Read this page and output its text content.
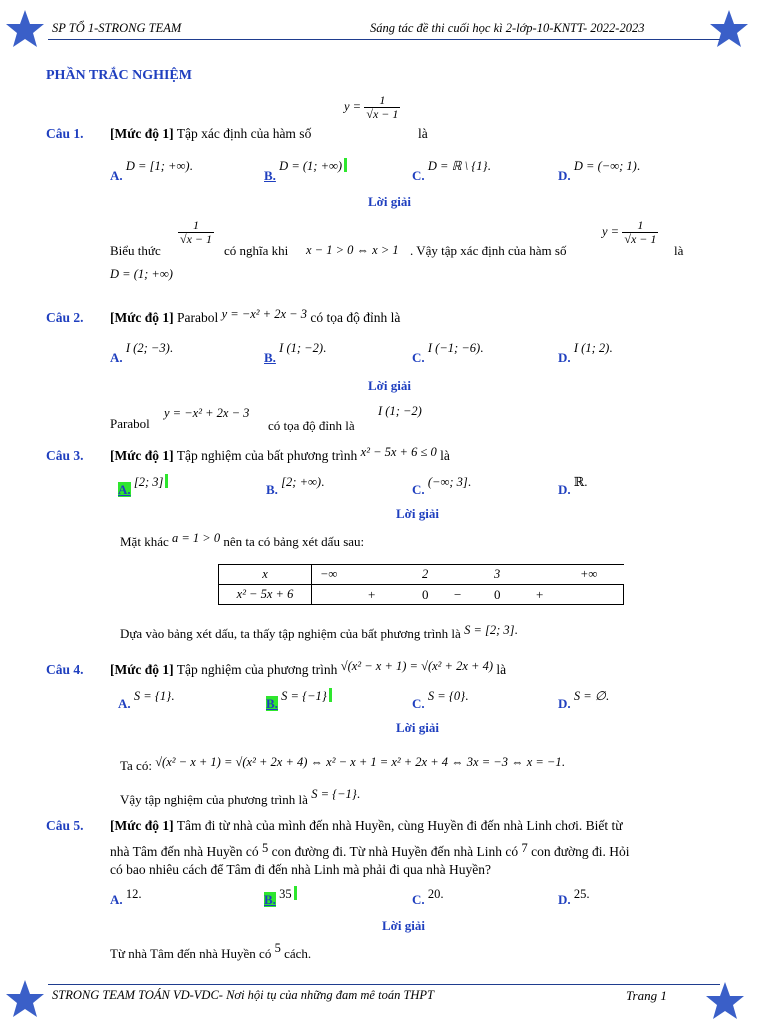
SP TỔ 1-STRONG TEAM	Sáng tác đề thi cuối học kì 2-lớp-10-KNTT- 2022-2023
PHẦN TRẮC NGHIỆM
$y = \frac{1}{√x - 1}$
Câu 1. [Mức độ 1] Tập xác định của hàm số	là
A. D = [1; +∞).
B. D = (1; +∞)
C. D = ℝ \ {1}.
D. D = (−∞; 1).
Lời giải
Biểu thức
$\frac{1}{√x - 1}$
có nghĩa khi x − 1 > 0 ⇔ x > 1 . Vậy tập xác định của hàm số
$y = \frac{1}{√x - 1}$
là
D = (1; +∞)
Câu 2. [Mức độ 1] Parabol y = −x² + 2x − 3 có tọa độ đỉnh là
A. I (2; −3).
B. I (1; −2).
C. I (−1; −6).
D. I (1; 2).
Lời giải
Parabol
y = −x² + 2x − 3
có tọa độ đỉnh là
I (1; −2)
Câu 3. [Mức độ 1] Tập nghiệm của bất phương trình x² − 5x + 6 ≤ 0 là
A. [2; 3]	B. [2; +∞).
C. (−∞; 3].
D. ℝ.
Lời giải
Mặt khác a = 1 > 0 nên ta có bảng xét dấu sau:
x	−∞ 2 3 +∞

x² − 5x + 6	+ 0 − 0 +
Dựa vào bảng xét dấu, ta thấy tập nghiệm của bất phương trình là S = [2; 3].
Câu 4. [Mức độ 1] Tập nghiệm của phương trình √(x² − x + 1) = √(x² + 2x + 4) là
A. S = {1}.
B. S = {−1}	C. S = {0}.
D. S = ∅.
Lời giải
Ta có: √(x² − x + 1) = √(x² + 2x + 4) ⇔ x² − x + 1 = x² + 2x + 4 ⇔ 3x = −3 ⇔ x = −1.
Vậy tập nghiệm của phương trình là S = {−1}.
Câu 5. [Mức độ 1] Tâm đi từ nhà của mình đến nhà Huyền, cùng Huyền đi đến nhà Linh chơi. Biết từ
nhà Tâm đến nhà Huyền có 5 con đường đi. Từ nhà Huyền đến nhà Linh có 7 con đường đi. Hỏi
có bao nhiêu cách để Tâm đi đến nhà Linh mà phải đi qua nhà Huyền?
A. 12.	B. 35	C. 20.	D. 25.
Lời giải
Từ nhà Tâm đến nhà Huyền có 5 cách.
STRONG TEAM TOÁN VD-VDC- Nơi hội tụ của những đam mê toán THPT	Trang 1
